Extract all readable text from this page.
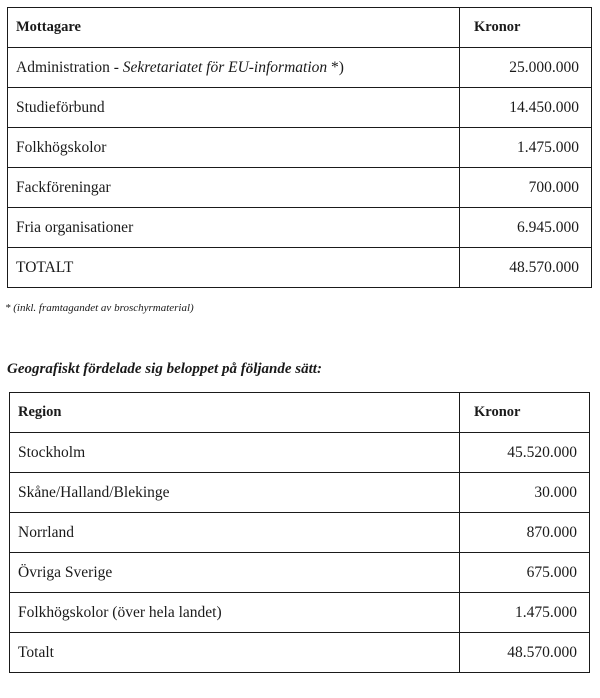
Mottagare	Kronor
Administration - Sekretariatet för EU-information *)	25.000.000
Studieförbund	14.450.000
Folkhögskolor	1.475.000
Fackföreningar	700.000
Fria organisationer	6.945.000
TOTALT	48.570.000
* (inkl. framtagandet av broschyrmaterial)
Geografiskt fördelade sig beloppet på följande sätt:
Region	Kronor
Stockholm	45.520.000
Skåne/Halland/Blekinge	30.000
Norrland	870.000
Övriga Sverige	675.000
Folkhögskolor (över hela landet)	1.475.000
Totalt	48.570.000
